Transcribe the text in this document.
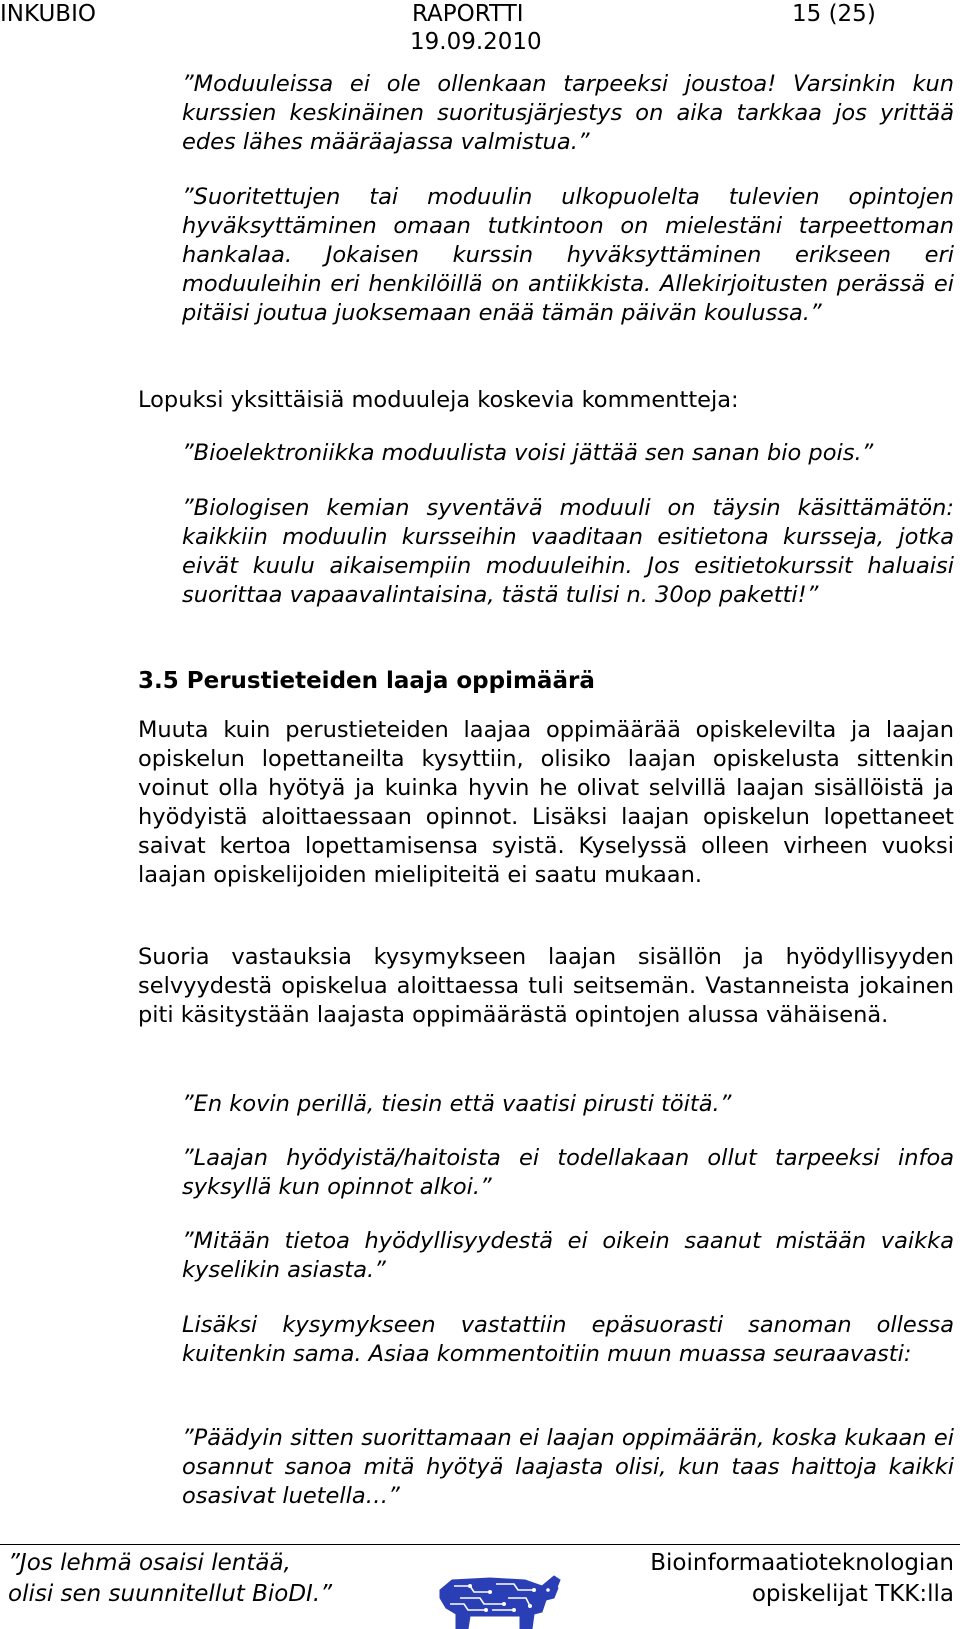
INKUBIO	RAPORTTI
19.09.2010
15 (25)

”Moduuleissa ei ole ollenkaan tarpeeksi joustoa! Varsinkin kun kurssien keskinäinen suoritusjärjestys on aika tarkkaa jos yrittää edes lähes määräajassa valmistua.”

”Suoritettujen tai moduulin ulkopuolelta tulevien opintojen hyväksyttäminen omaan tutkintoon on mielestäni tarpeettoman hankalaa. Jokaisen kurssin hyväksyttäminen erikseen eri moduuleihin eri henkilöillä on antiikkista. Allekirjoitusten perässä ei pitäisi joutua juoksemaan enää tämän päivän koulussa.”

Lopuksi yksittäisiä moduuleja koskevia kommentteja:

”Bioelektroniikka moduulista voisi jättää sen sanan bio pois.”

”Biologisen kemian syventävä moduuli on täysin käsittämätön: kaikkiin moduulin kursseihin vaaditaan esitietona kursseja, jotka eivät kuulu aikaisempiin moduuleihin. Jos esitietokurssit haluaisi suorittaa vapaavalintaisina, tästä tulisi n. 30op paketti!”

3.5 Perustieteiden laaja oppimäärä

Muuta kuin perustieteiden laajaa oppimäärää opiskelevilta ja laajan opiskelun lopettaneilta kysyttiin, olisiko laajan opiskelusta sittenkin voinut olla hyötyä ja kuinka hyvin he olivat selvillä laajan sisällöistä ja hyödyistä aloittaessaan opinnot. Lisäksi laajan opiskelun lopettaneet saivat kertoa lopettamisensa syistä. Kyselyssä olleen virheen vuoksi laajan opiskelijoiden mielipiteitä ei saatu mukaan.

Suoria vastauksia kysymykseen laajan sisällön ja hyödyllisyyden selvyydestä opiskelua aloittaessa tuli seitsemän. Vastanneista jokainen piti käsitystään laajasta oppimäärästä opintojen alussa vähäisenä.

”En kovin perillä, tiesin että vaatisi pirusti töitä.”

”Laajan hyödyistä/haitoista ei todellakaan ollut tarpeeksi infoa syksyllä kun opinnot alkoi.”

”Mitään tietoa hyödyllisyydestä ei oikein saanut mistään vaikka kyselikin asiasta.”

Lisäksi kysymykseen vastattiin epäsuorasti sanoman ollessa kuitenkin sama. Asiaa kommentoitiin muun muassa seuraavasti:

”Päädyin sitten suorittamaan ei laajan oppimäärän, koska kukaan ei osannut sanoa mitä hyötyä laajasta olisi, kun taas haittoja kaikki osasivat luetella…”

”Jos lehmä osaisi lentää,
olisi sen suunnitellut BioDI.”
Bioinformaatioteknologian
opiskelijat TKK:lla
